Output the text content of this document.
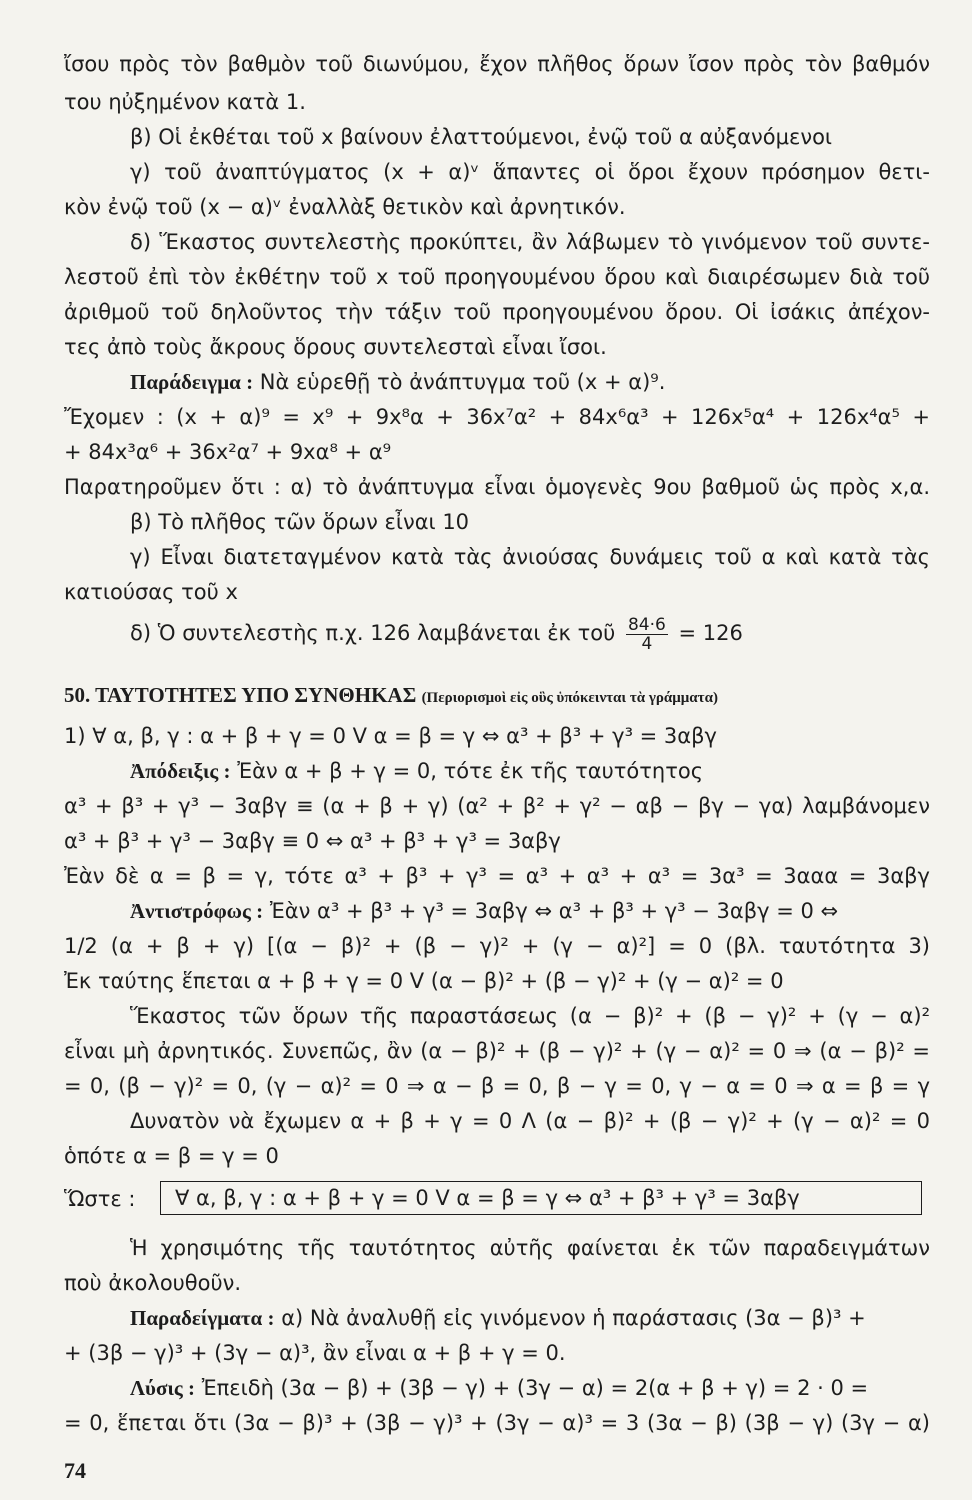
ἴσου πρὸς τὸν βαθμὸν τοῦ διωνύμου, ἔχον πλῆθος ὅρων ἴσον πρὸς τὸν βαθμόν
του ηὐξημένον κατὰ 1.
β) Οἱ ἐκθέται τοῦ x βαίνουν ἐλαττούμενοι, ἐνῷ τοῦ α αὐξανόμενοι
γ) τοῦ ἀναπτύγματος (x + α)ᵛ ἅπαντες οἱ ὅροι ἔχουν πρόσημον θετι-
κὸν ἐνῷ τοῦ (x − α)ᵛ ἐναλλὰξ θετικὸν καὶ ἀρνητικόν.
δ) Ἕκαστος συντελεστὴς προκύπτει, ἂν λάβωμεν τὸ γινόμενον τοῦ συντε-
λεστοῦ ἐπὶ τὸν ἐκθέτην τοῦ x τοῦ προηγουμένου ὅρου καὶ διαιρέσωμεν διὰ τοῦ
ἀριθμοῦ τοῦ δηλοῦντος τὴν τάξιν τοῦ προηγουμένου ὅρου. Οἱ ἰσάκις ἀπέχον-
τες ἀπὸ τοὺς ἄκρους ὅρους συντελεσταὶ εἶναι ἴσοι.
Παράδειγμα : Νὰ εὑρεθῇ τὸ ἀνάπτυγμα τοῦ (x + α)⁹.
Ἔχομεν : (x + α)⁹ = x⁹ + 9x⁸α + 36x⁷α² + 84x⁶α³ + 126x⁵α⁴ + 126x⁴α⁵ +
+ 84x³α⁶ + 36x²α⁷ + 9xα⁸ + α⁹
Παρατηροῦμεν ὅτι : α) τὸ ἀνάπτυγμα εἶναι ὁμογενὲς 9ου βαθμοῦ ὡς πρὸς x,α.
β) Τὸ πλῆθος τῶν ὅρων εἶναι 10
γ) Εἶναι διατεταγμένον κατὰ τὰς ἀνιούσας δυνάμεις τοῦ α καὶ κατὰ τὰς
κατιούσας τοῦ x
δ) Ὁ συντελεστὴς π.χ. 126 λαμβάνεται ἐκ τοῦ $\frac{84\cdot 6}{4} = 126$
50. ΤΑΥΤΟΤΗΤΕΣ ΥΠΟ ΣΥΝΘΗΚΑΣ (Περιορισμοὶ εἰς οὓς ὑπόκεινται τὰ γράμματα)
1) ∀ α, β, γ : α + β + γ = 0 V α = β = γ ⇔ α³ + β³ + γ³ = 3αβγ
Ἀπόδειξις : Ἐὰν α + β + γ = 0, τότε ἐκ τῆς ταυτότητος
α³ + β³ + γ³ − 3αβγ ≡ (α + β + γ) (α² + β² + γ² − αβ − βγ − γα) λαμβάνομεν
α³ + β³ + γ³ − 3αβγ ≡ 0 ⇔ α³ + β³ + γ³ = 3αβγ
Ἐὰν δὲ α = β = γ, τότε α³ + β³ + γ³ = α³ + α³ + α³ = 3α³ = 3ααα = 3αβγ
Ἀντιστρόφως : Ἐὰν α³ + β³ + γ³ = 3αβγ ⇔ α³ + β³ + γ³ − 3αβγ = 0 ⇔
1/2 (α + β + γ) [(α − β)² + (β − γ)² + (γ − α)²] = 0 (βλ. ταυτότητα 3)
Ἐκ ταύτης ἕπεται α + β + γ = 0 V (α − β)² + (β − γ)² + (γ − α)² = 0
Ἕκαστος τῶν ὅρων τῆς παραστάσεως (α − β)² + (β − γ)² + (γ − α)²
εἶναι μὴ ἀρνητικός. Συνεπῶς, ἂν (α − β)² + (β − γ)² + (γ − α)² = 0 ⇒ (α − β)² =
= 0, (β − γ)² = 0, (γ − α)² = 0 ⇒ α − β = 0, β − γ = 0, γ − α = 0 ⇒ α = β = γ
Δυνατὸν νὰ ἔχωμεν α + β + γ = 0 Λ (α − β)² + (β − γ)² + (γ − α)² = 0
ὁπότε α = β = γ = 0
Ὥστε :	∀ α, β, γ : α + β + γ = 0 V α = β = γ ⇔ α³ + β³ + γ³ = 3αβγ
Ἡ χρησιμότης τῆς ταυτότητος αὐτῆς φαίνεται ἐκ τῶν παραδειγμάτων
ποὺ ἀκολουθοῦν.
Παραδείγματα : α) Νὰ ἀναλυθῇ εἰς γινόμενον ἡ παράστασις (3α − β)³ +
+ (3β − γ)³ + (3γ − α)³, ἂν εἶναι α + β + γ = 0.
Λύσις : Ἐπειδὴ (3α − β) + (3β − γ) + (3γ − α) = 2(α + β + γ) = 2 · 0 =
= 0, ἕπεται ὅτι (3α − β)³ + (3β − γ)³ + (3γ − α)³ = 3 (3α − β) (3β − γ) (3γ − α)
74
